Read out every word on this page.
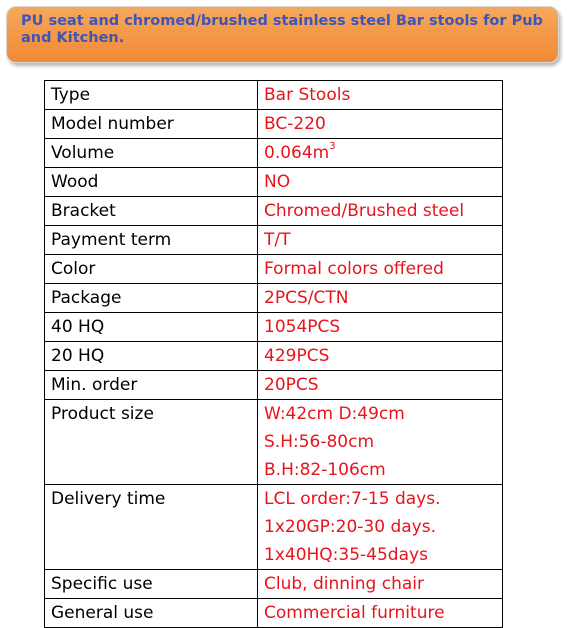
PU seat and chromed/brushed stainless steel Bar stools for Pub and Kitchen.

Type	Bar Stools
Model number	BC-220
Volume	$0.064m^3$
Wood	NO
Bracket	Chromed/Brushed steel
Payment term	T/T
Color	Formal colors offered
Package	2PCS/CTN
40 HQ	1054PCS
20 HQ	429PCS
Min. order	20PCS
Product size	W:42cm D:49cm
S.H:56-80cm
B.H:82-106cm

Delivery time	LCL order:7-15 days.
1x20GP:20-30 days.
1x40HQ:35-45days

Specific use	Club, dinning chair
General use	Commercial furniture
